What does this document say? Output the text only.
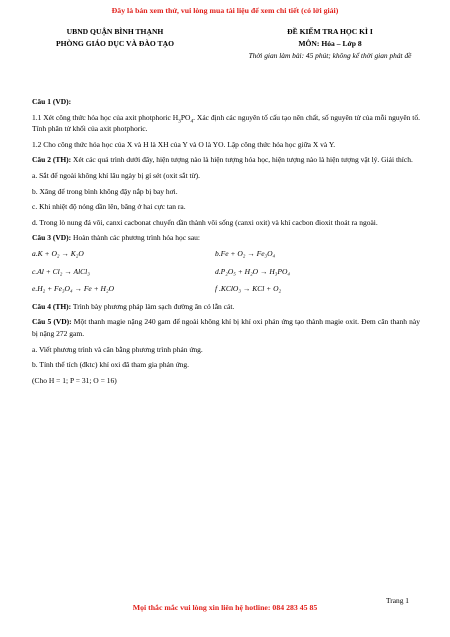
Đây là bản xem thử, vui lòng mua tài liệu để xem chi tiết (có lời giải)
UBND QUẬN BÌNH THẠNH
PHÒNG GIÁO DỤC VÀ ĐÀO TẠO
ĐỀ KIỂM TRA HỌC KÌ I
MÔN: Hóa – Lớp 8
Thời gian làm bài: 45 phút; không kể thời gian phát đề

Câu 1 (VD):

1.1 Xét công thức hóa học của axit photphoric $H_3PO_4$. Xác định các nguyên tố cấu tạo nên chất, số nguyên tử của mỗi nguyên tố. Tính phân tử khối của axit photphoric.

1.2 Cho công thức hóa học của X và H là XH của Y và O là YO. Lập công thức hóa học giữa X và Y.

Câu 2 (TH): Xét các quá trình dưới đây, hiện tượng nào là hiện tượng hóa học, hiện tượng nào là hiện tượng vật lý. Giải thích.

a. Sắt để ngoài không khí lâu ngày bị gỉ sét (oxit sắt từ).

b. Xăng để trong bình không đậy nắp bị bay hơi.

c. Khi nhiệt độ nóng dần lên, băng ở hai cực tan ra.

d. Trong lò nung đá vôi, canxi cacbonat chuyển dần thành vôi sống (canxi oxit) và khí cacbon đioxit thoát ra ngoài.

Câu 3 (VD): Hoàn thành các phương trình hóa học sau:

a.K + O₂ → K₂O	b.Fe + O₂ → Fe₃O₄
c.Al + Cl₂ → AlCl₃	d.P₂O₅ + H₂O → H₃PO₄
e.H₂ + Fe₃O₄ → Fe + H₂O	f .KClO₃ → KCl + O₂

Câu 4 (TH): Trình bày phương pháp làm sạch đường ăn có lẫn cát.

Câu 5 (VD): Một thanh magie nặng 240 gam để ngoài không khí bị khí oxi phản ứng tạo thành magie oxit. Đem cân thanh này bị nặng 272 gam.

a. Viết phương trình và cân bằng phương trình phản ứng.

b. Tính thể tích (đktc) khí oxi đã tham gia phản ứng.

(Cho H = 1; P = 31; O = 16)

Trang 1
Mọi thắc mắc vui lòng xin liên hệ hotline: 084 283 45 85
